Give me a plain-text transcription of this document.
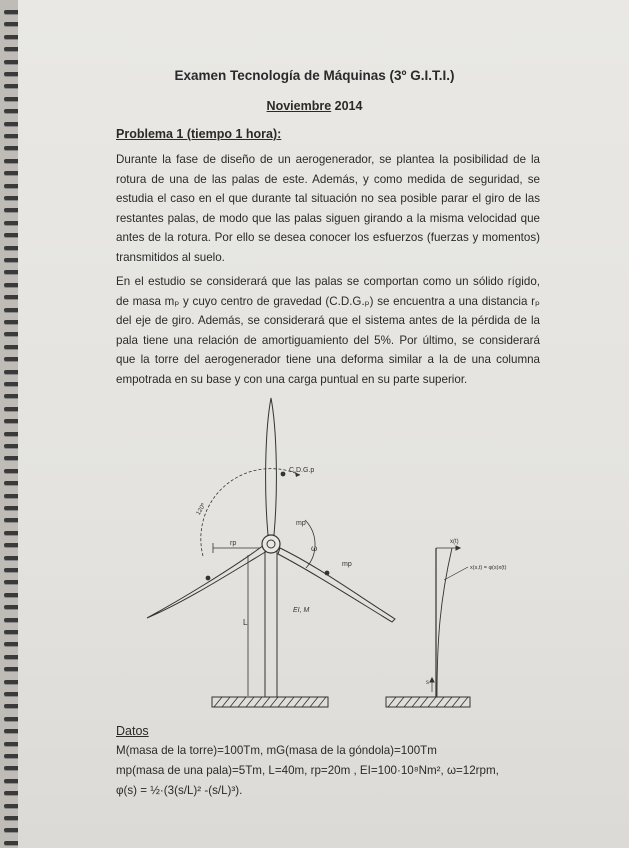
Examen Tecnología de Máquinas (3º G.I.T.I.)
Noviembre 2014
Problema 1 (tiempo 1 hora):
Durante la fase de diseño de un aerogenerador, se plantea la posibilidad de la rotura de una de las palas de este. Además, y como medida de seguridad, se estudia el caso en el que durante tal situación no sea posible parar el giro de las restantes palas, de modo que las palas siguen girando a la misma velocidad que antes de la rotura. Por ello se desea conocer los esfuerzos (fuerzas y momentos) transmitidos al suelo.
En el estudio se considerará que las palas se comportan como un sólido rígido, de masa mₚ y cuyo centro de gravedad (C.D.G.ₚ) se encuentra a una distancia rₚ del eje de giro. Además, se considerará que el sistema antes de la pérdida de la pala tiene una relación de amortiguamiento del 5%. Por último, se considerará que la torre del aerogenerador tiene una deforma similar a la de una columna empotrada en su base y con una carga puntual en su parte superior.
C.D.G.p
rp
mp
mp
ω
L
EI, M
120º
x(t)
x(s,t) = φ(s)x(t)
s
Datos
M(masa de la torre)=100Tm, mG(masa de la góndola)=100Tm
mp(masa de una pala)=5Tm, L=40m, rp=20m , EI=100·10⁸Nm², ω=12rpm,
φ(s) = ½·(3(s/L)² -(s/L)³).
